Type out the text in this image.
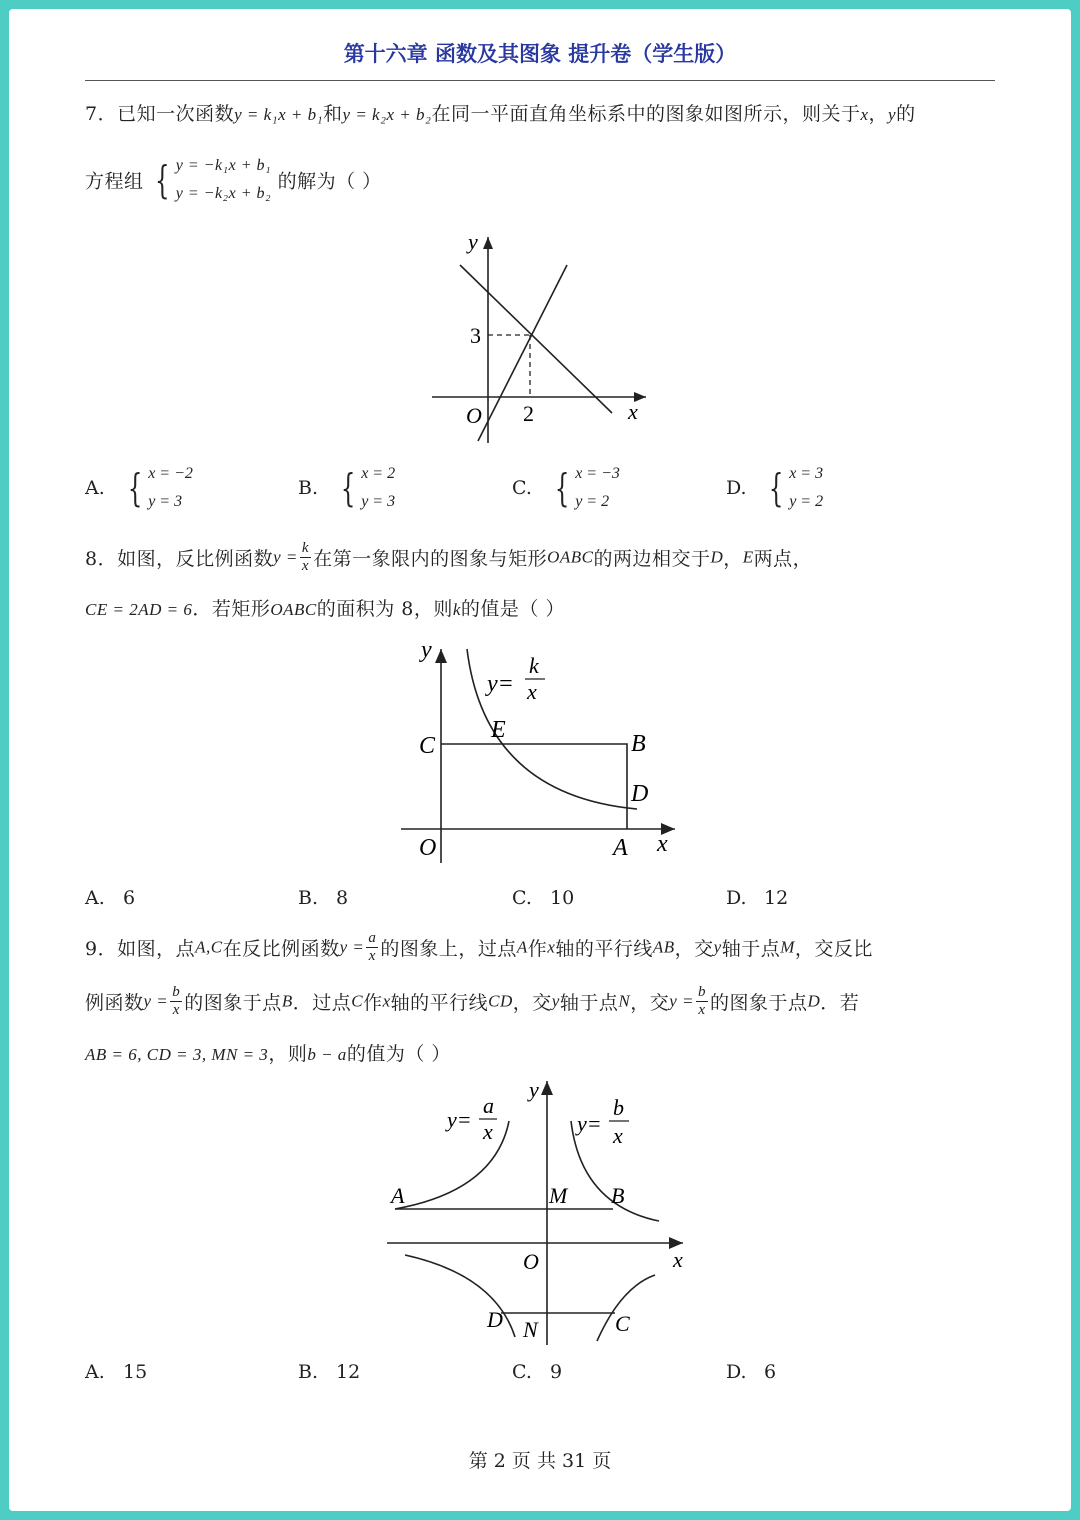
第十六章 函数及其图象 提升卷（学生版）
7．已知一次函数y = k₁x + b₁和y = k₂x + b₂在同一平面直角坐标系中的图象如图所示，则关于x，y的
方程组 { y = −k₁x + b₁
y = −k₂x + b₂
的解为（ ）
y
x
O
3
2
A. { x = −2
y = 3
B. { x = 2
y = 3
C. { x = −3
y = 2
D. { x = 3
y = 2
8．如图，反比例函数$y = \frac{k}{x}$ 在第一象限内的图象与矩形OABC的两边相交于D，E两点，
CE = 2AD = 6．若矩形OABC的面积为 8，则k的值是（ ）
y
x
O
y=
k
x
C
E
B
D
A
A. 6	B. 8	C. 10	D. 12
9．如图，点A,C在反比例函数$y = \frac{a}{x}$ 的图象上，过点A作x轴的平行线AB，交y轴于点M，交反比
例函数$y = \frac{b}{x}$ 的图象于点B．过点C作x轴的平行线CD，交y轴于点N，交$y = \frac{b}{x}$ 的图象于点D．若
AB = 6, CD = 3, MN = 3，则b − a的值为（ ）
y
x
O
y=
a
x	y=
b
x
A	M B
D N	C
A. 15	B. 12	C. 9	D. 6
第 2 页 共 31 页
